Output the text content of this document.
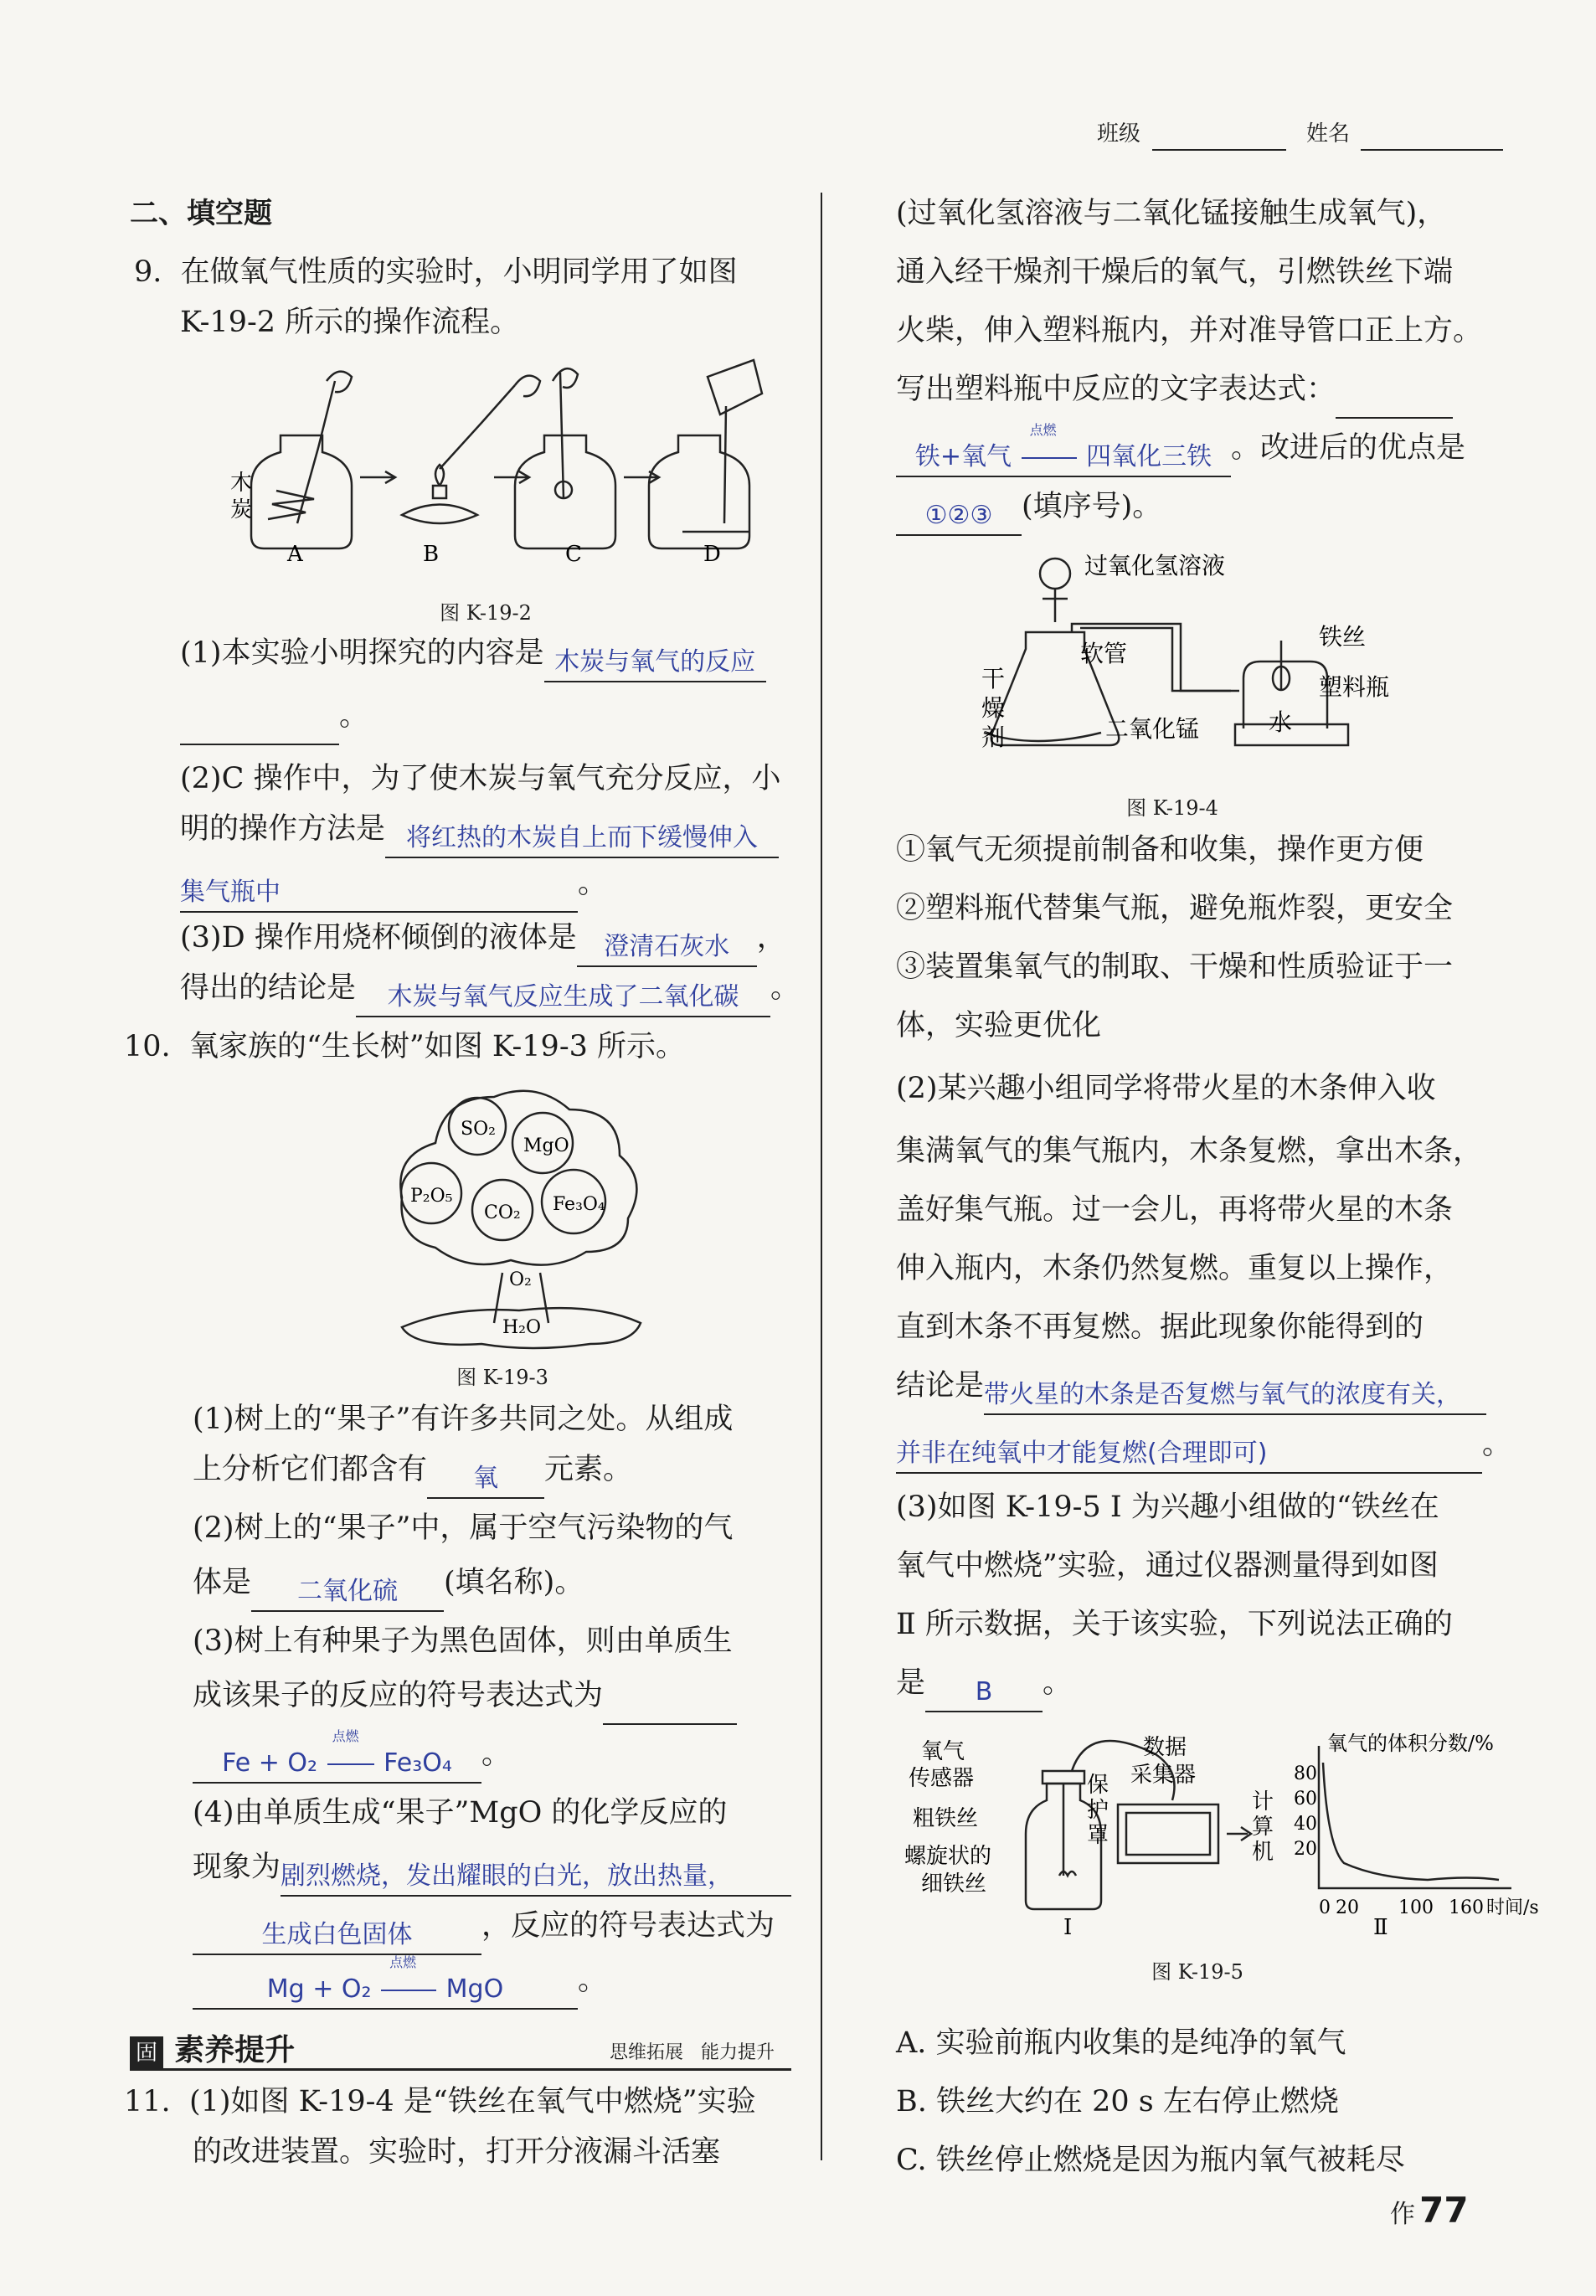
班级	姓名
二、填空题
9. 在做氧气性质的实验时，小明同学用了如图
K-19-2 所示的操作流程。
木
炭
A	B	C	D
图 K-19-2
(1)本实验小明探究的内容是 木炭与氧气的反应
。
(2)C 操作中，为了使木炭与氧气充分反应，小
明的操作方法是 将红热的木炭自上而下缓慢伸入
集气瓶中	。
(3)D 操作用烧杯倾倒的液体是 澄清石灰水 ，
得出的结论是 木炭与氧气反应生成了二氧化碳 。
10. 氧家族的“生长树”如图 K-19-3 所示。
SO₂
MgO
P₂O₅
CO₂ Fe₃O₄
O₂
H₂O
图 K-19-3
(1)树上的“果子”有许多共同之处。从组成
上分析它们都含有 氧 元素。
(2)树上的“果子”中，属于空气污染物的气
体是 二氧化硫 (填名称)。
(3)树上有种果子为黑色固体，则由单质生
成该果子的反应的符号表达式为
Fe + O₂
点燃
Fe₃O₄ 。
(4)由单质生成“果子”MgO 的化学反应的
现象为剧烈燃烧，发出耀眼的白光，放出热量，
生成白色固体 ，反应的符号表达式为
Mg + O₂
点燃
MgO	。
固 素养提升	思维拓展 能力提升
11. (1)如图 K-19-4 是“铁丝在氧气中燃烧”实验
的改进装置。实验时，打开分液漏斗活塞
(过氧化氢溶液与二氧化锰接触生成氧气)，
通入经干燥剂干燥后的氧气，引燃铁丝下端
火柴，伸入塑料瓶内，并对准导管口正上方。
写出塑料瓶中反应的文字表达式：
铁+氧气
点燃
四氧化三铁 。改进后的优点是
①②③ (填序号)。
过氧化氢溶液
铁丝
软管
塑料瓶
干
燥
剂	二氧化锰	水
图 K-19-4
①氧气无须提前制备和收集，操作更方便
②塑料瓶代替集气瓶，避免瓶炸裂，更安全
③装置集氧气的制取、干燥和性质验证于一
体，实验更优化
(2)某兴趣小组同学将带火星的木条伸入收
集满氧气的集气瓶内，木条复燃，拿出木条，
盖好集气瓶。过一会儿，再将带火星的木条
伸入瓶内，木条仍然复燃。重复以上操作，
直到木条不再复燃。据此现象你能得到的
结论是带火星的木条是否复燃与氧气的浓度有关，
并非在纯氧中才能复燃(合理即可)	。
(3)如图 K-19-5 Ⅰ 为兴趣小组做的“铁丝在
氧气中燃烧”实验，通过仪器测量得到如图
Ⅱ 所示数据，关于该实验，下列说法正确的
是 B 。
氧气
传感器
粗铁丝
螺旋状的
细铁丝
保
护
罩
数据
采集器
计
算
机
Ⅰ	Ⅱ
氧气的体积分数/%
80
60
40
20
0 20 100 160 时间/s
图 K-19-5
A. 实验前瓶内收集的是纯净的氧气
B. 铁丝大约在 20 s 左右停止燃烧
C. 铁丝停止燃烧是因为瓶内氧气被耗尽
作 77
